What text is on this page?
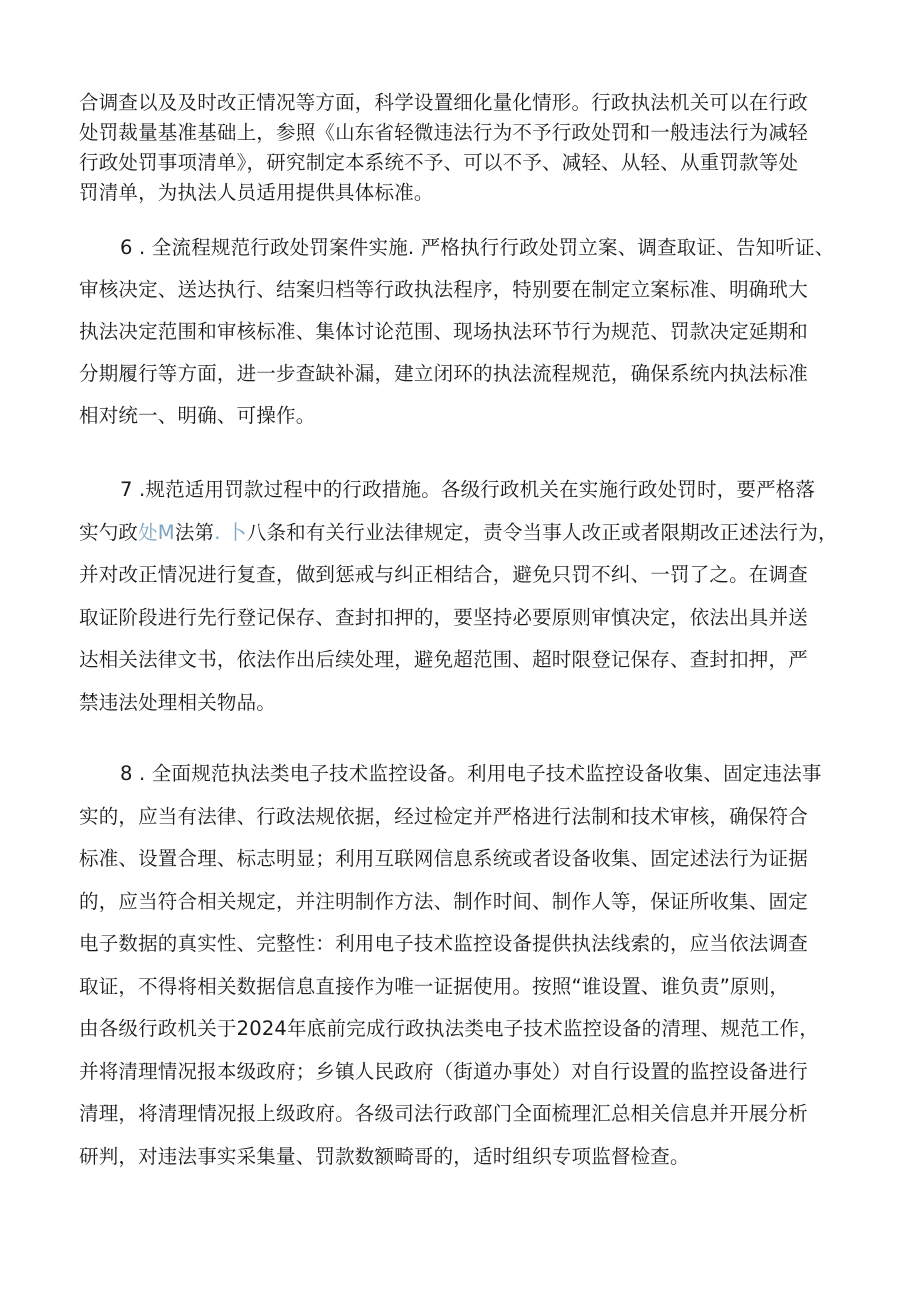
合调查以及及时改正情况等方面，科学设置细化量化情形。行政执法机关可以在行政
处罚裁量基准基础上，参照《山东省轻微违法行为不予行政处罚和一般违法行为减轻
行政处罚事项清单》，研究制定本系统不予、可以不予、减轻、从轻、从重罚款等处
罚清单，为执法人员适用提供具体标准。

6 . 全流程规范行政处罚案件实施. 严格执行行政处罚立案、调查取证、告知听证、
审核决定、送达执行、结案归档等行政执法程序，特别要在制定立案标准、明确玳大
执法决定范围和审核标准、集体讨论范围、现场执法环节行为规范、罚款决定延期和
分期履行等方面，进一步查缺补漏，建立闭环的执法流程规范，确保系统内执法标准
相对统一、明确、可操作。

7 .规范适用罚款过程中的行政措施。各级行政机关在实施行政处罚时，要严格落
实勺政处M法第. 卜八条和有关行业法律规定，责令当事人改正或者限期改正述法行为，
并对改正情况进行复查，做到惩戒与纠正相结合，避免只罚不纠、一罚了之。在调查
取证阶段进行先行登记保存、查封扣押的，要坚持必要原则审慎决定，依法出具并送
达相关法律文书，依法作出后续处理，避免超范围、超时限登记保存、查封扣押，严
禁违法处理相关物品。

8 . 全面规范执法类电子技术监控设备。利用电子技术监控设备收集、固定违法事
实的，应当有法律、行政法规依据，经过检定并严格进行法制和技术审核，确保符合
标准、设置合理、标志明显；利用互联网信息系统或者设备收集、固定述法行为证据
的，应当符合相关规定，并注明制作方法、制作时间、制作人等，保证所收集、固定
电子数据的真实性、完整性：利用电子技术监控设备提供执法线索的，应当依法调查
取证，不得将相关数据信息直接作为唯一证据使用。按照“谁设置、谁负责”原则，
由各级行政机关于2024年底前完成行政执法类电子技术监控设备的清理、规范工作，
并将清理情况报本级政府；乡镇人民政府（街道办事处）对自行设置的监控设备进行
清理，将清理情况报上级政府。各级司法行政部门全面梳理汇总相关信息并开展分析
研判，对违法事实采集量、罚款数额畸哥的，适时组织专项监督检查。
